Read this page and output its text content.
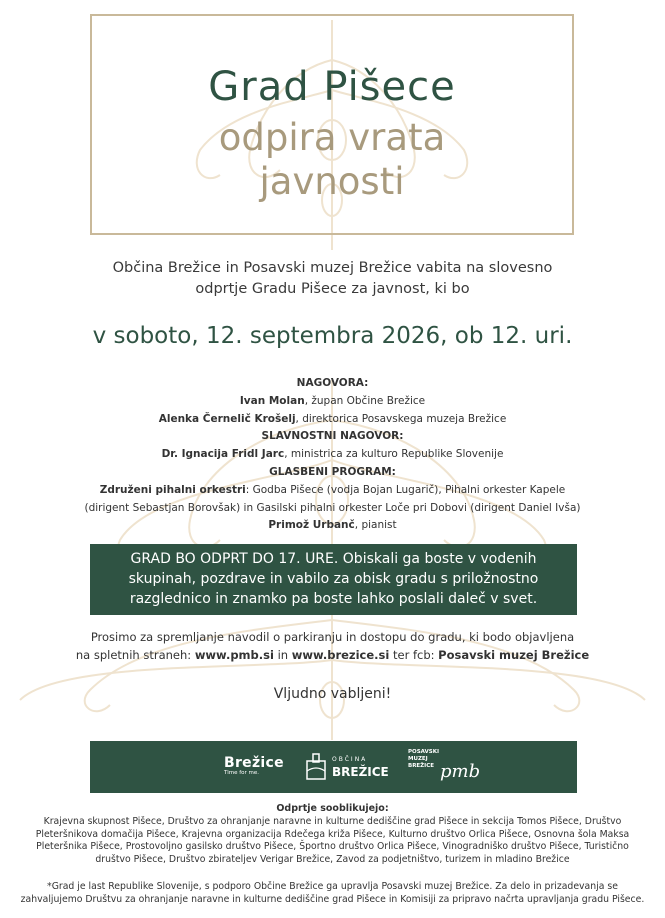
Grad Pišece
odpira vrata
javnosti
Občina Brežice in Posavski muzej Brežice vabita na slovesno
odprtje Gradu Pišece za javnost, ki bo
v soboto, 12. septembra 2026, ob 12. uri.
NAGOVORA:
Ivan Molan, župan Občine Brežice
Alenka Černelič Krošelj, direktorica Posavskega muzeja Brežice
SLAVNOSTNI NAGOVOR:
Dr. Ignacija Fridl Jarc, ministrica za kulturo Republike Slovenije
GLASBENI PROGRAM:
Združeni pihalni orkestri: Godba Pišece (vodja Bojan Lugarič), Pihalni orkester Kapele
(dirigent Sebastjan Borovšak) in Gasilski pihalni orkester Loče pri Dobovi (dirigent Daniel Ivša)
Primož Urbanč, pianist
GRAD BO ODPRT DO 17. URE. Obiskali ga boste v vodenih
skupinah, pozdrave in vabilo za obisk gradu s priložnostno
razglednico in znamko pa boste lahko poslali daleč v svet.
Prosimo za spremljanje navodil o parkiranju in dostopu do gradu, ki bodo objavljena
na spletnih straneh: www.pmb.si in www.brezice.si ter fcb: Posavski muzej Brežice
Vljudno vabljeni!
Brežice
Time for me.
OBČINA
BREŽICE
POSAVSKI
MUZEJ
BREŽICE pmb
Odprtje sooblikujejo:
Krajevna skupnost Pišece, Društvo za ohranjanje naravne in kulturne dediščine grad Pišece in sekcija Tomos Pišece, Društvo
Pleteršnikova domačija Pišece, Krajevna organizacija Rdečega križa Pišece, Kulturno društvo Orlica Pišece, Osnovna šola Maksa
Pleteršnika Pišece, Prostovoljno gasilsko društvo Pišece, Športno društvo Orlica Pišece, Vinogradniško društvo Pišece, Turistično
društvo Pišece, Društvo zbirateljev Verigar Brežice, Zavod za podjetništvo, turizem in mladino Brežice
*Grad je last Republike Slovenije, s podporo Občine Brežice ga upravlja Posavski muzej Brežice. Za delo in prizadevanja se
zahvaljujemo Društvu za ohranjanje naravne in kulturne dediščine grad Pišece in Komisiji za pripravo načrta upravljanja gradu Pišece.
